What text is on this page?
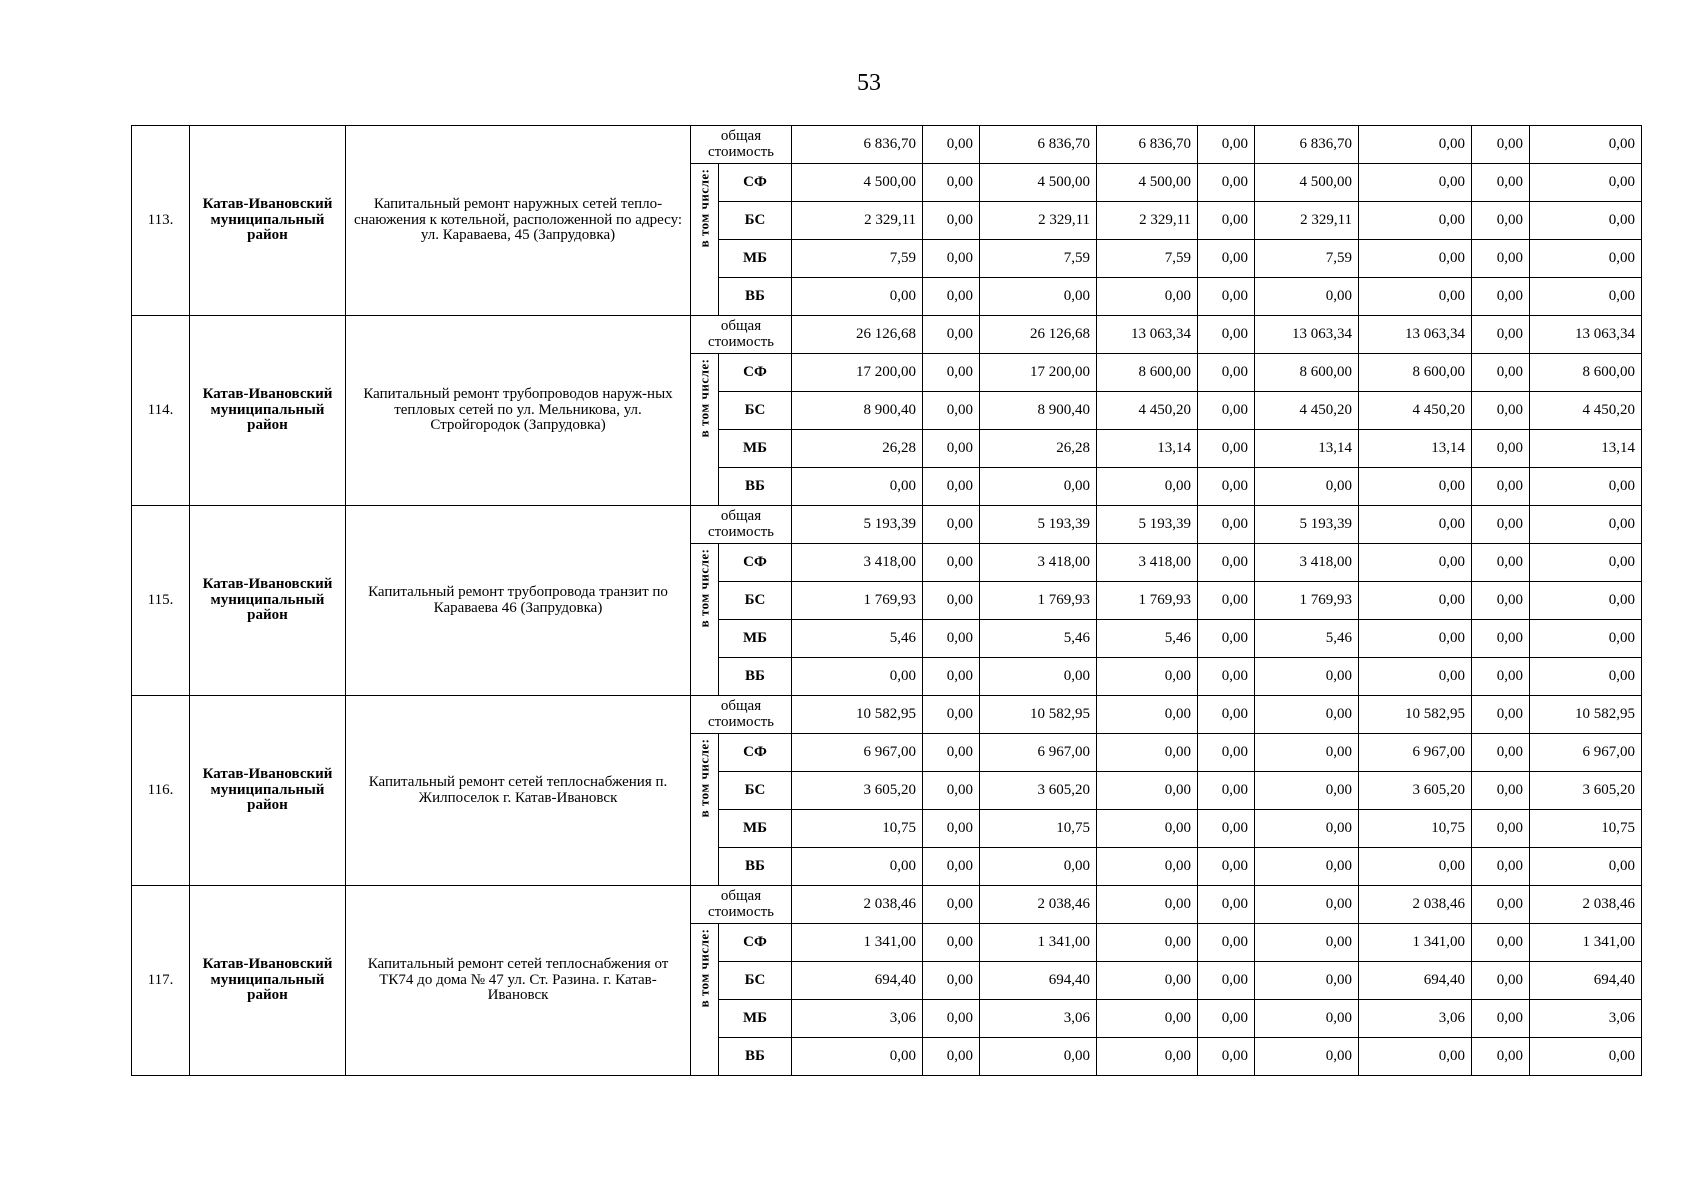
53
113.	Катав-Ивановский муниципальный район	Капитальный ремонт наружных сетей тепло-снаюжения к котельной, расположенной по адресу: ул. Караваева, 45 (Запрудовка)	общая стоимость		6 836,70	0,00	6 836,70	6 836,70	0,00	6 836,70	0,00	0,00	0,00

			в том числе:	СФ	4 500,00	0,00	4 500,00	4 500,00	0,00	4 500,00	0,00	0,00	0,00
				БС	2 329,11	0,00	2 329,11	2 329,11	0,00	2 329,11	0,00	0,00	0,00
				МБ	7,59	0,00	7,59	7,59	0,00	7,59	0,00	0,00	0,00
				ВБ	0,00	0,00	0,00	0,00	0,00	0,00	0,00	0,00	0,00
114.	Катав-Ивановский муниципальный район	Капитальный ремонт трубопроводов наруж-ных тепловых сетей по ул. Мельникова, ул. Стройгородок (Запрудовка)	общая стоимость		26 126,68	0,00	26 126,68	13 063,34	0,00	13 063,34	13 063,34	0,00	13 063,34

			в том числе:	СФ	17 200,00	0,00	17 200,00	8 600,00	0,00	8 600,00	8 600,00	0,00	8 600,00
				БС	8 900,40	0,00	8 900,40	4 450,20	0,00	4 450,20	4 450,20	0,00	4 450,20
				МБ	26,28	0,00	26,28	13,14	0,00	13,14	13,14	0,00	13,14
				ВБ	0,00	0,00	0,00	0,00	0,00	0,00	0,00	0,00	0,00
115.	Катав-Ивановский муниципальный район	Капитальный ремонт трубопровода транзит по Караваева 46 (Запрудовка)	общая стоимость		5 193,39	0,00	5 193,39	5 193,39	0,00	5 193,39	0,00	0,00	0,00

			в том числе:	СФ	3 418,00	0,00	3 418,00	3 418,00	0,00	3 418,00	0,00	0,00	0,00
				БС	1 769,93	0,00	1 769,93	1 769,93	0,00	1 769,93	0,00	0,00	0,00
				МБ	5,46	0,00	5,46	5,46	0,00	5,46	0,00	0,00	0,00
				ВБ	0,00	0,00	0,00	0,00	0,00	0,00	0,00	0,00	0,00
116.	Катав-Ивановский муниципальный район	Капитальный ремонт сетей теплоснабжения п. Жилпоселок г. Катав-Ивановск	общая стоимость		10 582,95	0,00	10 582,95	0,00	0,00	0,00	10 582,95	0,00	10 582,95

			в том числе:	СФ	6 967,00	0,00	6 967,00	0,00	0,00	0,00	6 967,00	0,00	6 967,00
				БС	3 605,20	0,00	3 605,20	0,00	0,00	0,00	3 605,20	0,00	3 605,20
				МБ	10,75	0,00	10,75	0,00	0,00	0,00	10,75	0,00	10,75
				ВБ	0,00	0,00	0,00	0,00	0,00	0,00	0,00	0,00	0,00
117.	Катав-Ивановский муниципальный район	Капитальный ремонт сетей теплоснабжения от ТК74 до дома № 47 ул. Ст. Разина. г. Катав-Ивановск	общая стоимость		2 038,46	0,00	2 038,46	0,00	0,00	0,00	2 038,46	0,00	2 038,46

			в том числе:	СФ	1 341,00	0,00	1 341,00	0,00	0,00	0,00	1 341,00	0,00	1 341,00
				БС	694,40	0,00	694,40	0,00	0,00	0,00	694,40	0,00	694,40
				МБ	3,06	0,00	3,06	0,00	0,00	0,00	3,06	0,00	3,06
				ВБ	0,00	0,00	0,00	0,00	0,00	0,00	0,00	0,00	0,00
